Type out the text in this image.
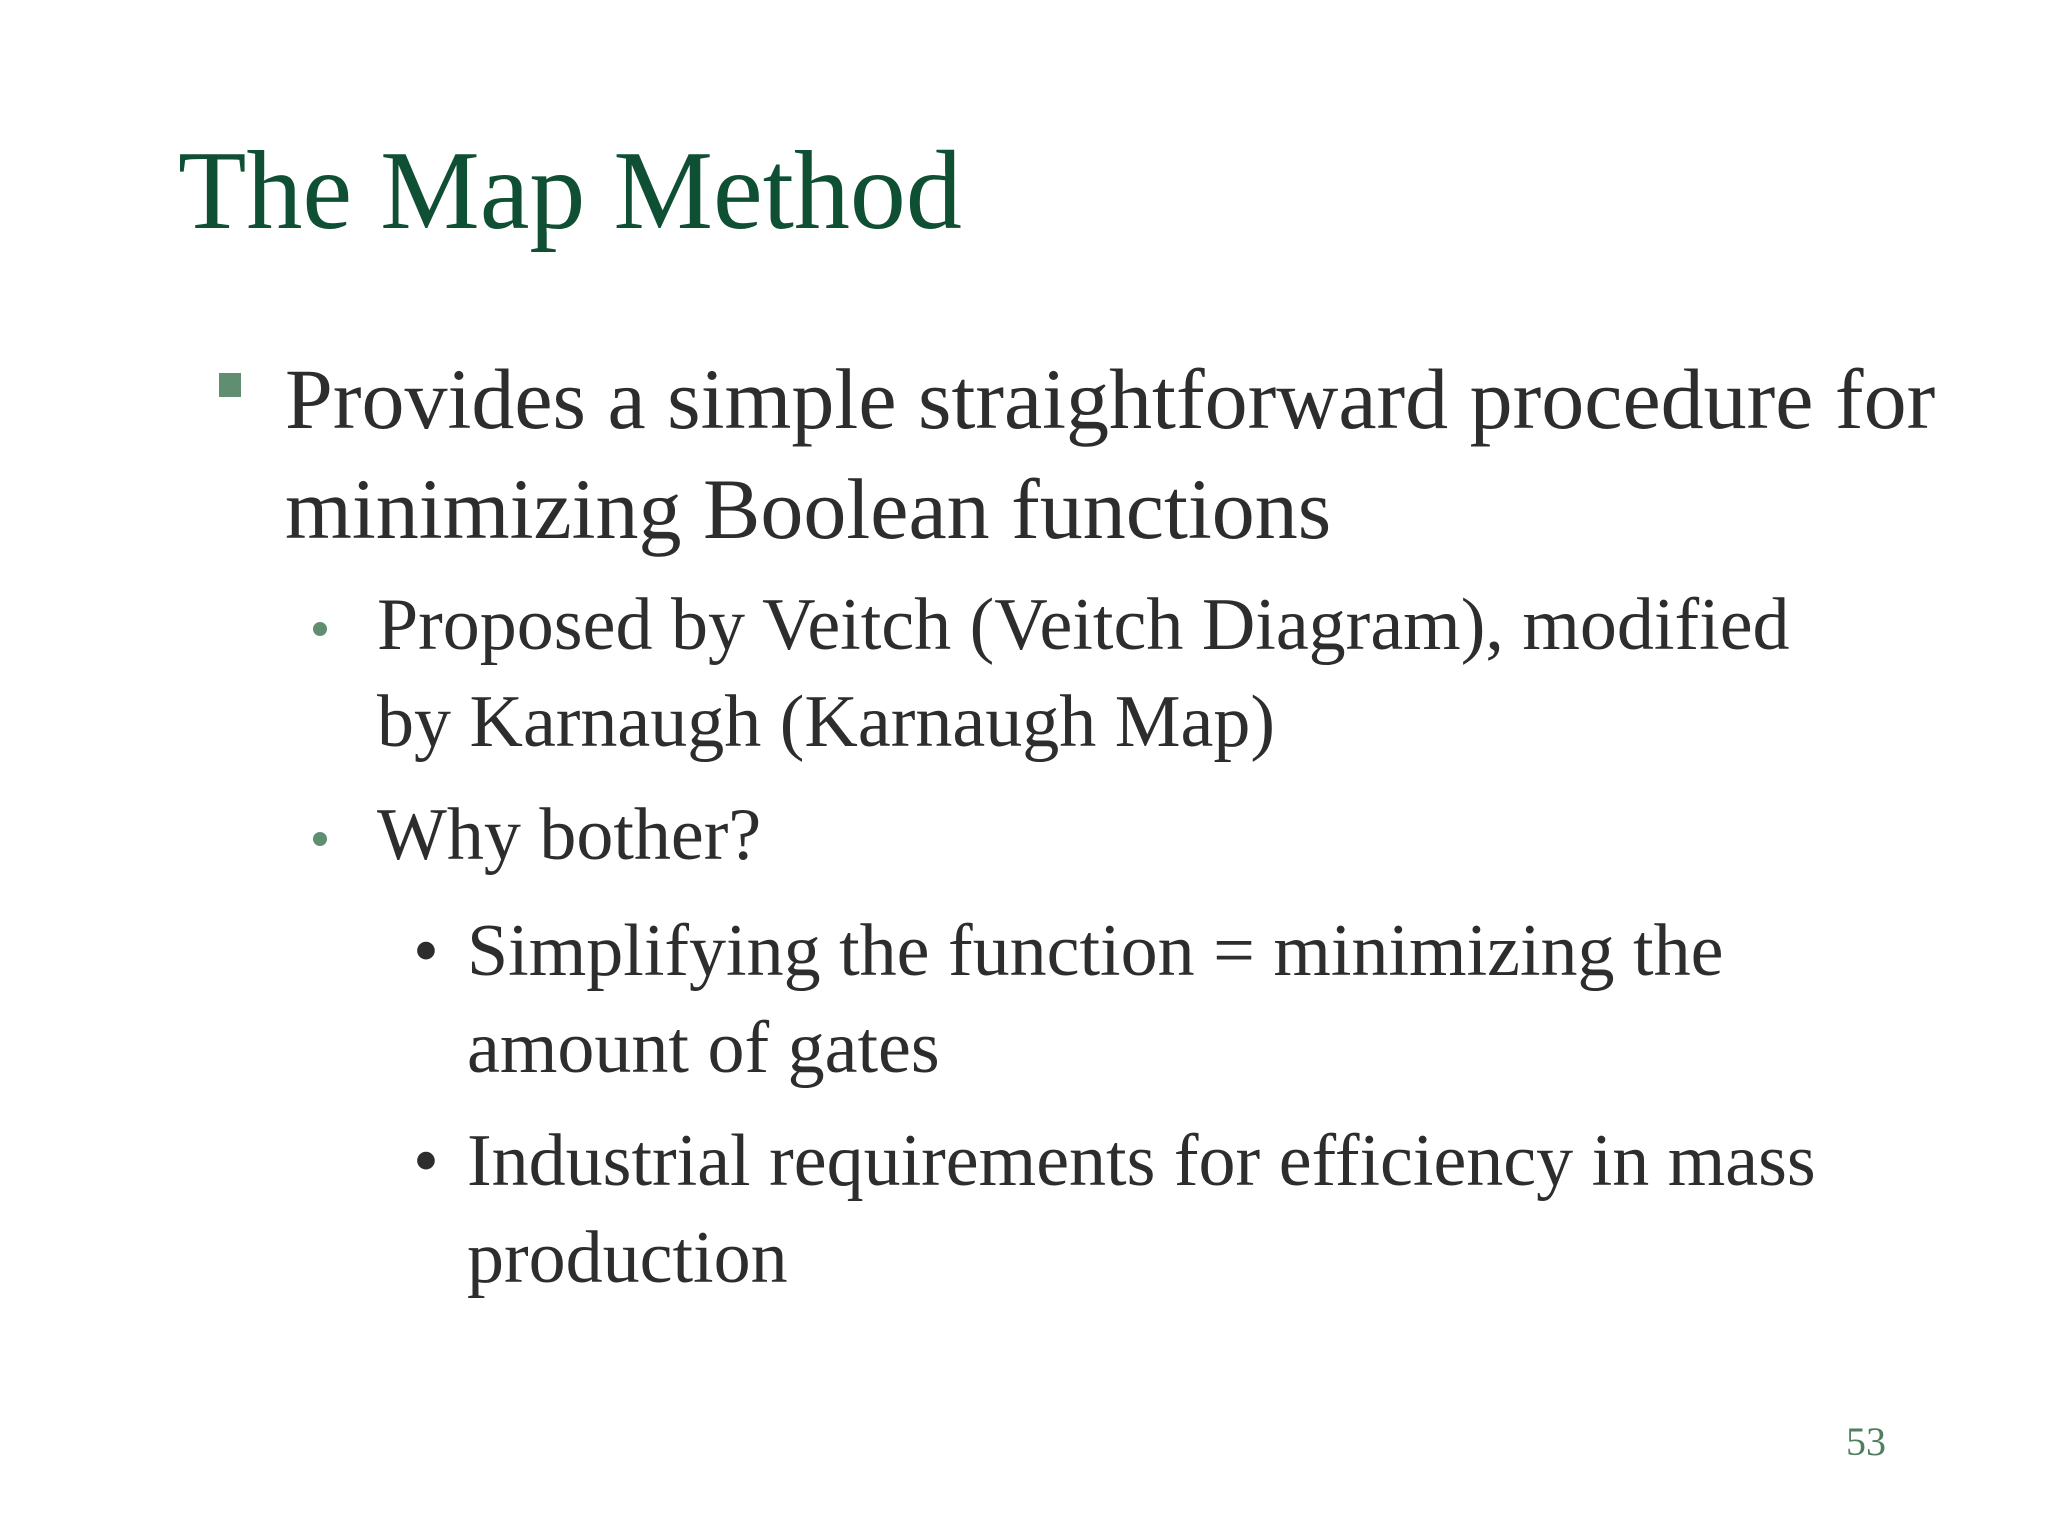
The Map Method
Provides a simple straightforward procedure for minimizing Boolean functions
Proposed by Veitch (Veitch Diagram), modified by Karnaugh (Karnaugh Map)
Why bother?
• Simplifying the function = minimizing the amount of gates
• Industrial requirements for efficiency in mass production
53
